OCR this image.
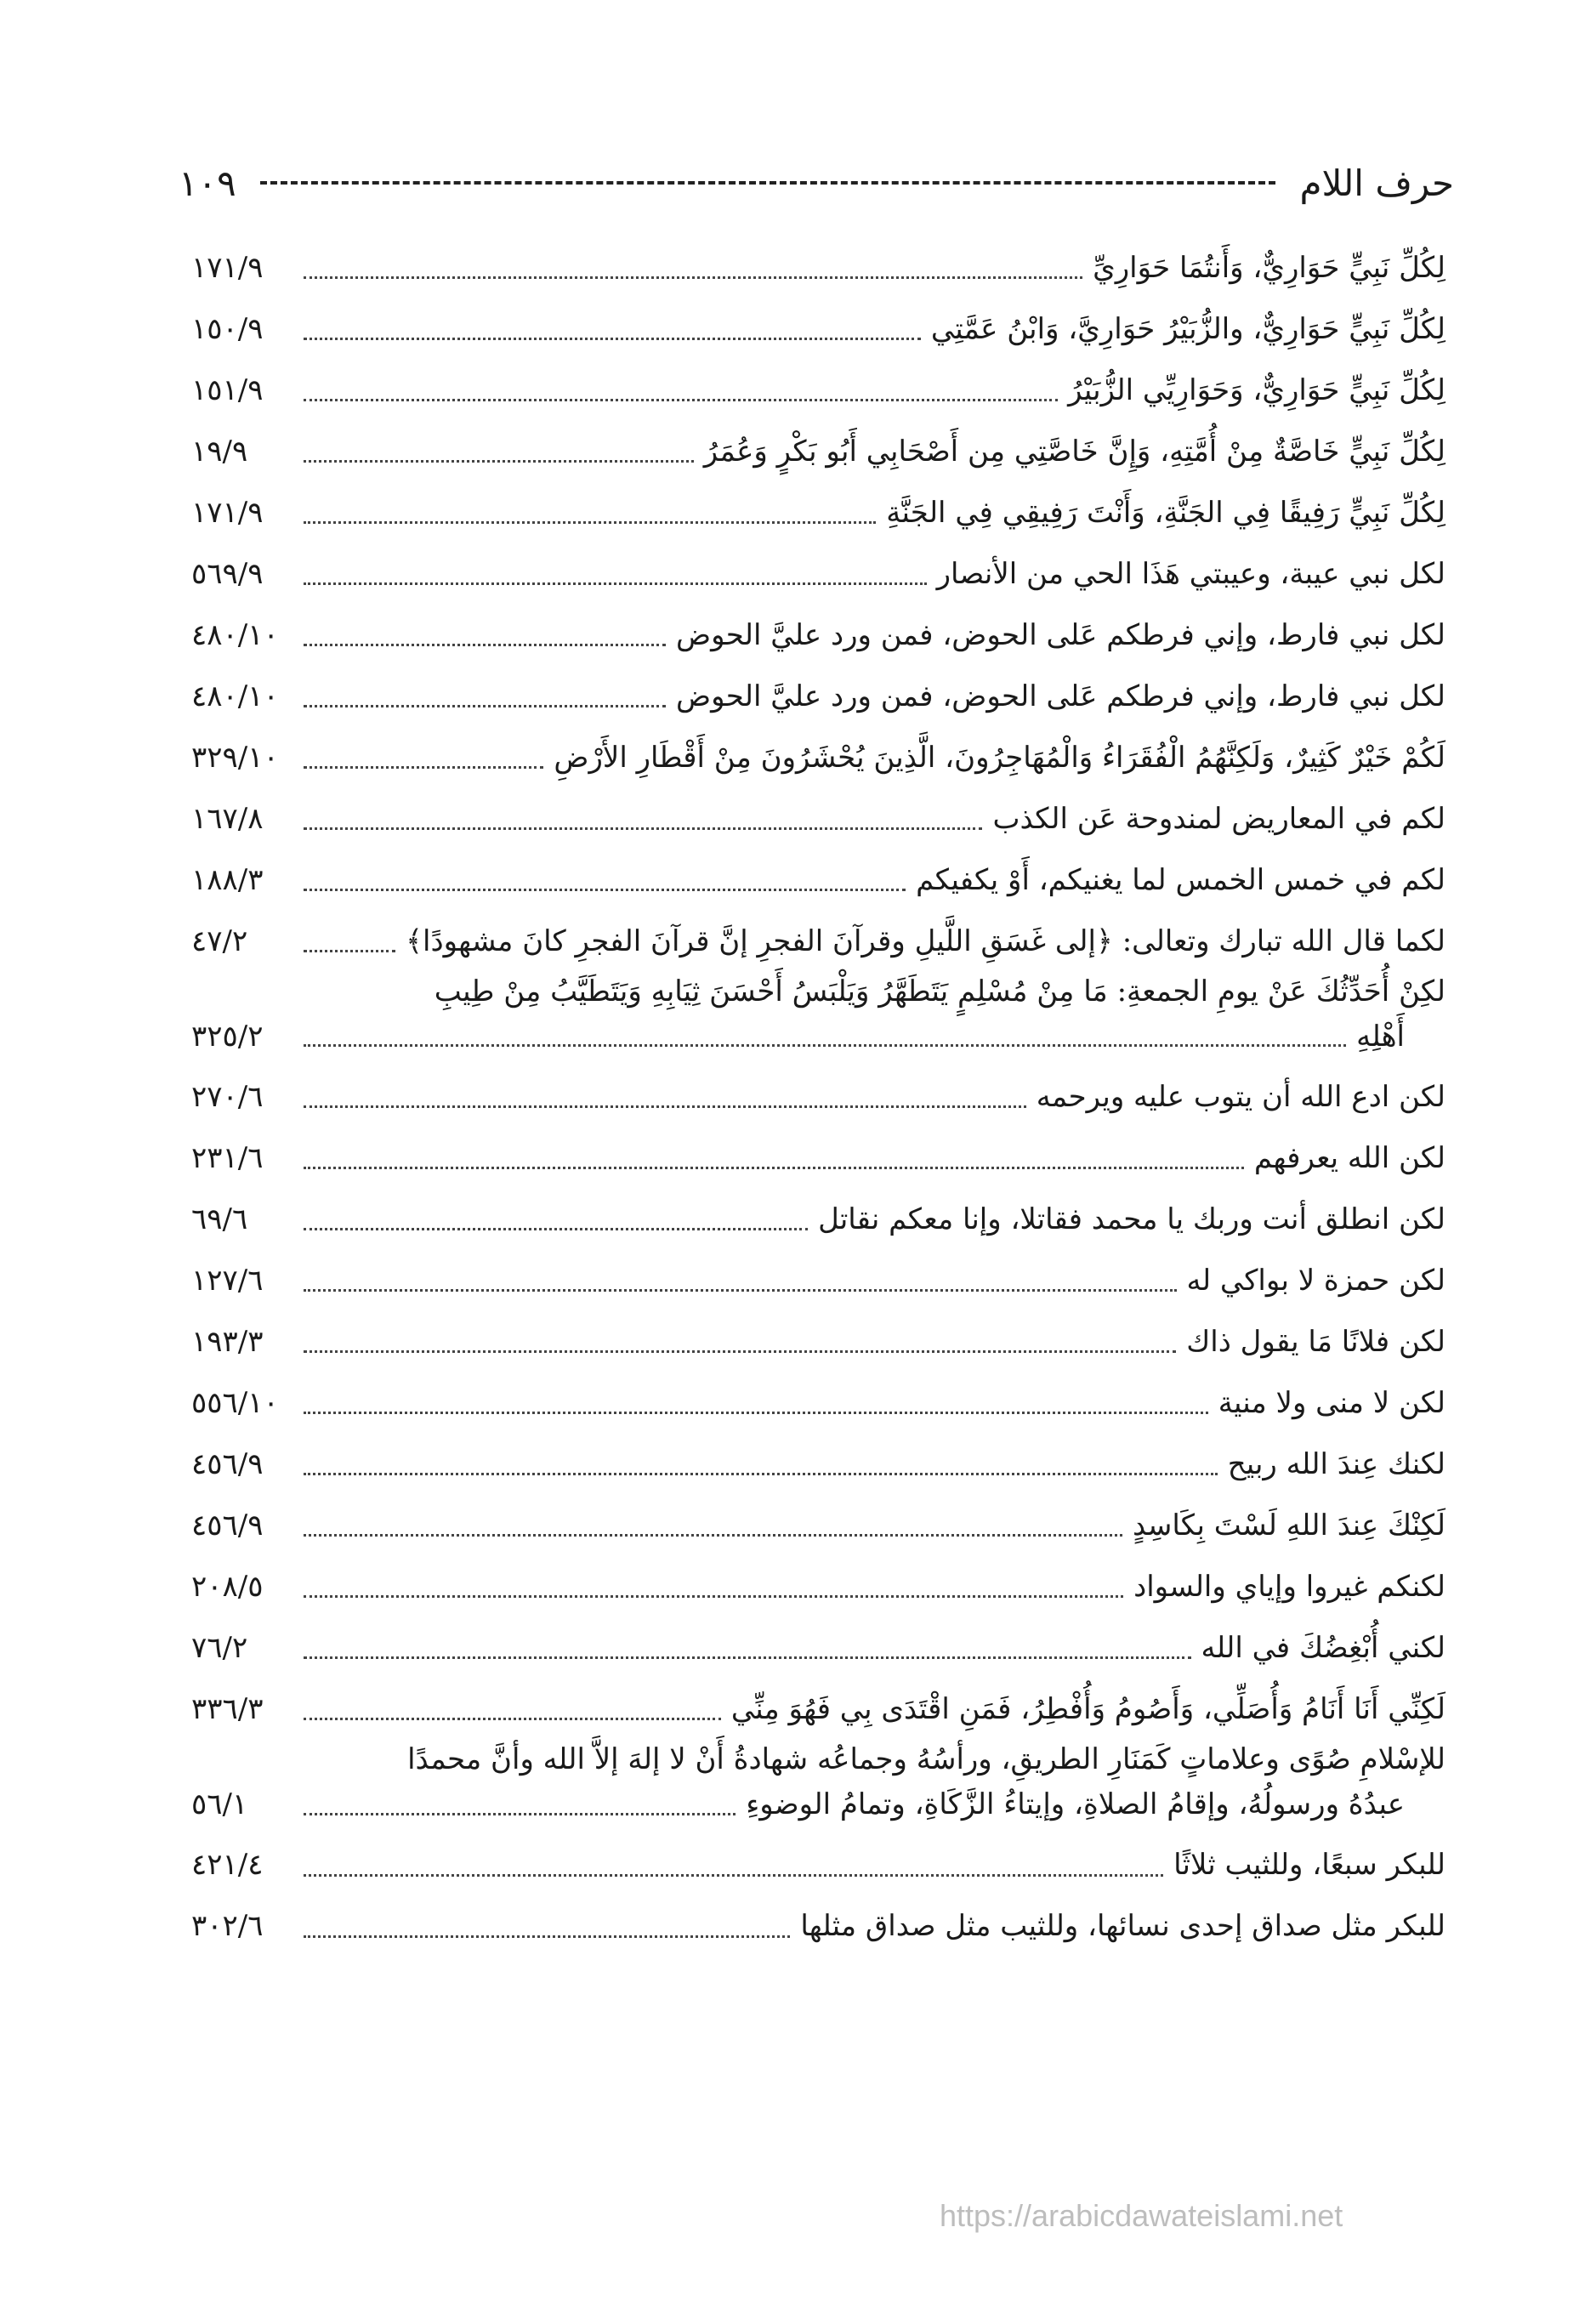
حرف اللام
١٠٩
لِكُلِّ نَبِيٍّ حَوَارِيٌّ، وَأَنتُمَا حَوَارِيِّ
١٧١/٩
لِكُلِّ نَبِيٍّ حَوَارِيٌّ، والزُّبَيْرُ حَوَارِيَّ، وَابْنُ عَمَّتِي
١٥٠/٩
لِكُلِّ نَبِيٍّ حَوَارِيٌّ، وَحَوَارِيِّي الزُّبَيْرُ
١٥١/٩
لِكُلِّ نَبِيٍّ خَاصَّةٌ مِنْ أُمَّتِهِ، وَإِنَّ خَاصَّتِي مِن أَصْحَابِي أَبُو بَكْرٍ وَعُمَرُ
١٩/٩
لِكُلِّ نَبِيٍّ رَفِيقًا فِي الجَنَّةِ، وَأَنْتَ رَفِيقِي فِي الجَنَّةِ
١٧١/٩
لكل نبي عيبة، وعيبتي هَذَا الحي من الأنصار
٥٦٩/٩
لكل نبي فارط، وإني فرطكم عَلى الحوض، فمن ورد عليَّ الحوض
٤٨٠/١٠
لكل نبي فارط، وإني فرطكم عَلى الحوض، فمن ورد عليَّ الحوض
٤٨٠/١٠
لَكُمْ خَيْرٌ كَثِيرٌ، وَلَكِنَّهُمُ الْفُقَرَاءُ وَالْمُهَاجِرُونَ، الَّذِينَ يُحْشَرُونَ مِنْ أَقْطَارِ الأَرْضِ
٣٢٩/١٠
لكم في المعاريض لمندوحة عَن الكذب
١٦٧/٨
لكم في خمس الخمس لما يغنيكم، أَوْ يكفيكم
١٨٨/٣
لكما قال الله تبارك وتعالى: ﴿إلى غَسَقِ اللَّيلِ وقرآنَ الفجرِ إنَّ قرآنَ الفجرِ كانَ مشهودًا﴾
٤٧/٢
لكِنْ أُحَدِّثُكَ عَنْ يومِ الجمعةِ: مَا مِنْ مُسْلِمٍ يَتَطَهَّرُ وَيَلْبَسُ أَحْسَنَ ثِيَابِهِ وَيَتَطَيَّبُ مِنْ طِيبِ
أَهْلِهِ
٣٢٥/٢
لكن ادع الله أن يتوب عليه ويرحمه
٢٧٠/٦
لكن الله يعرفهم
٢٣١/٦
لكن انطلق أنت وربك يا محمد فقاتلا، وإنا معكم نقاتل
٦٩/٦
لكن حمزة لا بواكي له
١٢٧/٦
لكن فلانًا مَا يقول ذاك
١٩٣/٣
لكن لا منى ولا منية
٥٥٦/١٠
لكنك عِندَ الله ربيح
٤٥٦/٩
لَكِنْكَ عِندَ اللهِ لَسْتَ بِكَاسِدٍ
٤٥٦/٩
لكنكم غيروا وإياي والسواد
٢٠٨/٥
لكني أُبْغِضُكَ في الله
٧٦/٢
لَكِنِّي أَنَا أَنَامُ وَأُصَلِّي، وَأَصُومُ وَأُفْطِرُ، فَمَنِ اقْتَدَى بِي فَهُوَ مِنِّي
٣٣٦/٣
للإسْلامِ صُوًى وعلاماتٍ كَمَنَارِ الطريقِ، ورأسُهُ وجماعُه شهادةُ أَنْ لا إلهَ إلاَّ الله وأنَّ محمدًا
عبدُهُ ورسولُهُ، وإقامُ الصلاةِ، وإيتاءُ الزَّكَاةِ، وتمامُ الوضوءِ
٥٦/١
للبكر سبعًا، وللثيب ثلاثًا
٤٢١/٤
للبكر مثل صداق إحدى نسائها، وللثيب مثل صداق مثلها
٣٠٢/٦
https://arabicdawateislami.net
